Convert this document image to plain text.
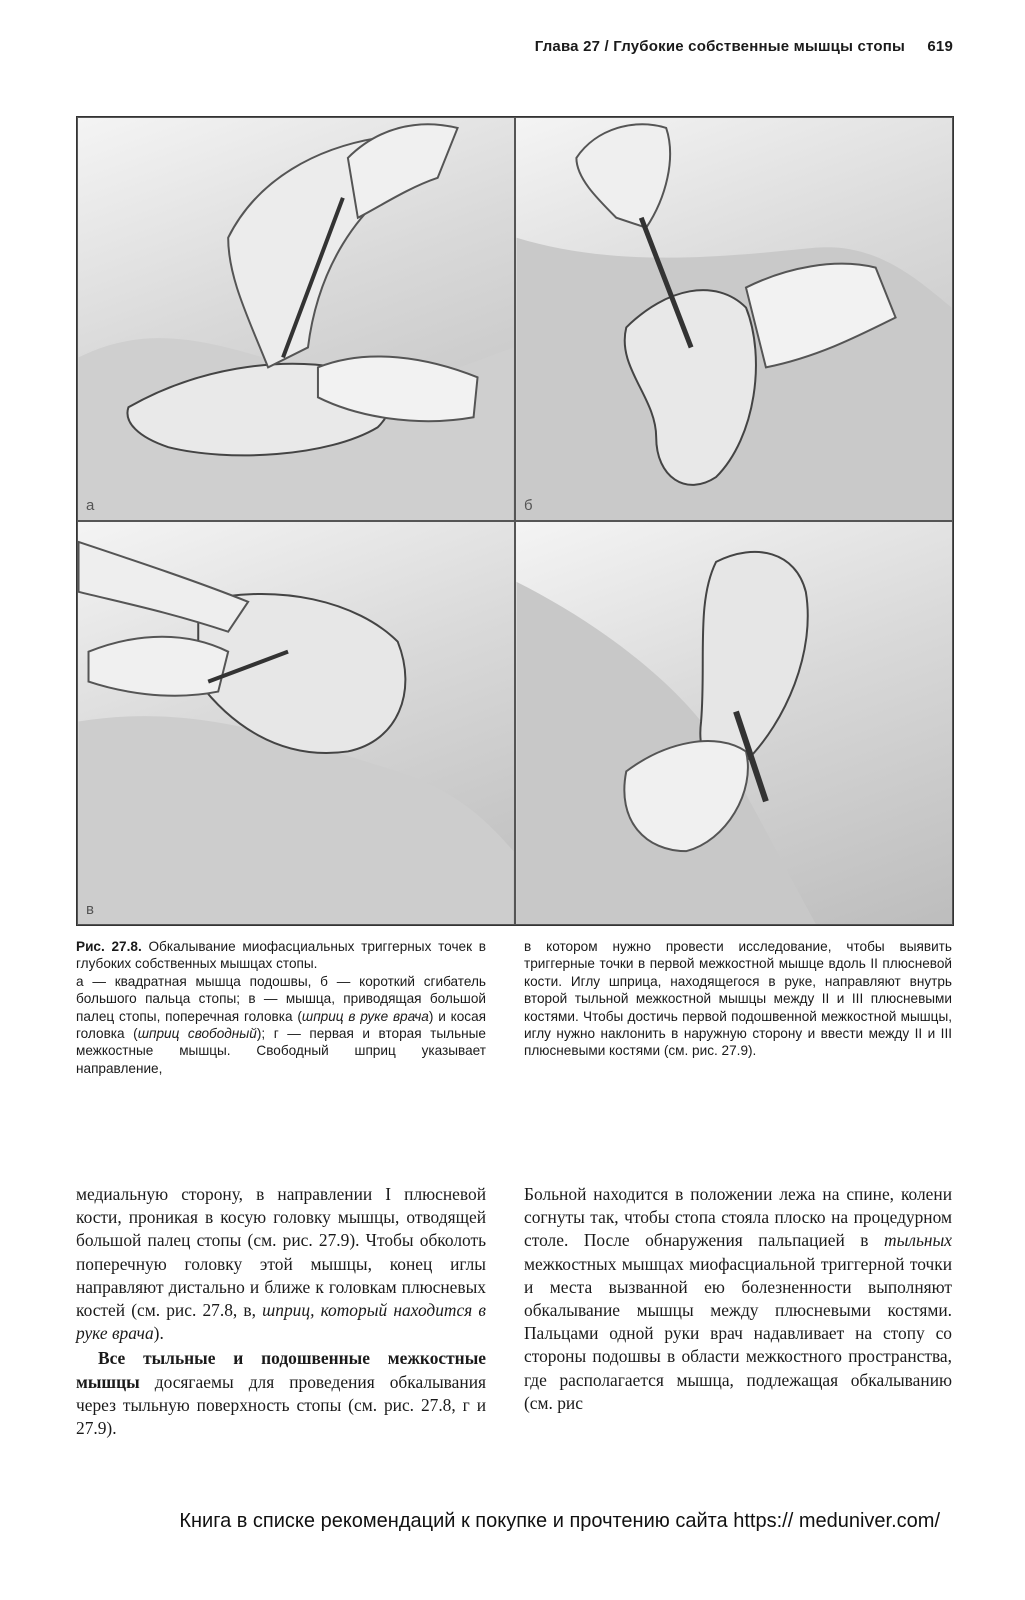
Глава 27 / Глубокие собственные мышцы стопы 619
а	б
в

Рис. 27.8. Обкалывание миофасциальных триггерных точек в глубоких собственных мышцах стопы.

а — квадратная мышца подошвы, б — короткий сгибатель большого пальца стопы; в — мышца, приводящая большой палец стопы, поперечная головка (шприц в руке врача) и косая головка (шприц свободный); г — первая и вторая тыльные межкостные мышцы. Свободный шприц указывает направление,

в котором нужно провести исследование, чтобы выявить триггерные точки в первой межкостной мышце вдоль II плюсневой кости. Иглу шприца, находящегося в руке, направляют внутрь второй тыльной межкостной мышцы между II и III плюсневыми костями. Чтобы достичь первой подошвенной межкостной мышцы, иглу нужно наклонить в наружную сторону и ввести между II и III плюсневыми костями (см. рис. 27.9).

медиальную сторону, в направлении I плюсневой кости, проникая в косую головку мышцы, отводящей большой палец стопы (см. рис. 27.9). Чтобы обколоть поперечную головку этой мышцы, конец иглы направляют дистально и ближе к головкам плюсневых костей (см. рис. 27.8, в, шприц, который находится в руке врача).

Все тыльные и подошвенные межкостные мышцы досягаемы для проведения обкалывания через тыльную поверхность стопы (см. рис. 27.8, г и 27.9).

Больной находится в положении лежа на спине, колени согнуты так, чтобы стопа стояла плоско на процедурном столе. После обнаружения пальпацией в тыльных межкостных мышцах миофасциальной триггерной точки и места вызванной ею болезненности выполняют обкалывание мышцы между плюсневыми костями. Пальцами одной руки врач надавливает на стопу со стороны подошвы в области межкостного пространства, где располагается мышца, подлежащая обкалыванию (см. рис

Книга в списке рекомендаций к покупке и прочтению сайта https:// meduniver.com/
